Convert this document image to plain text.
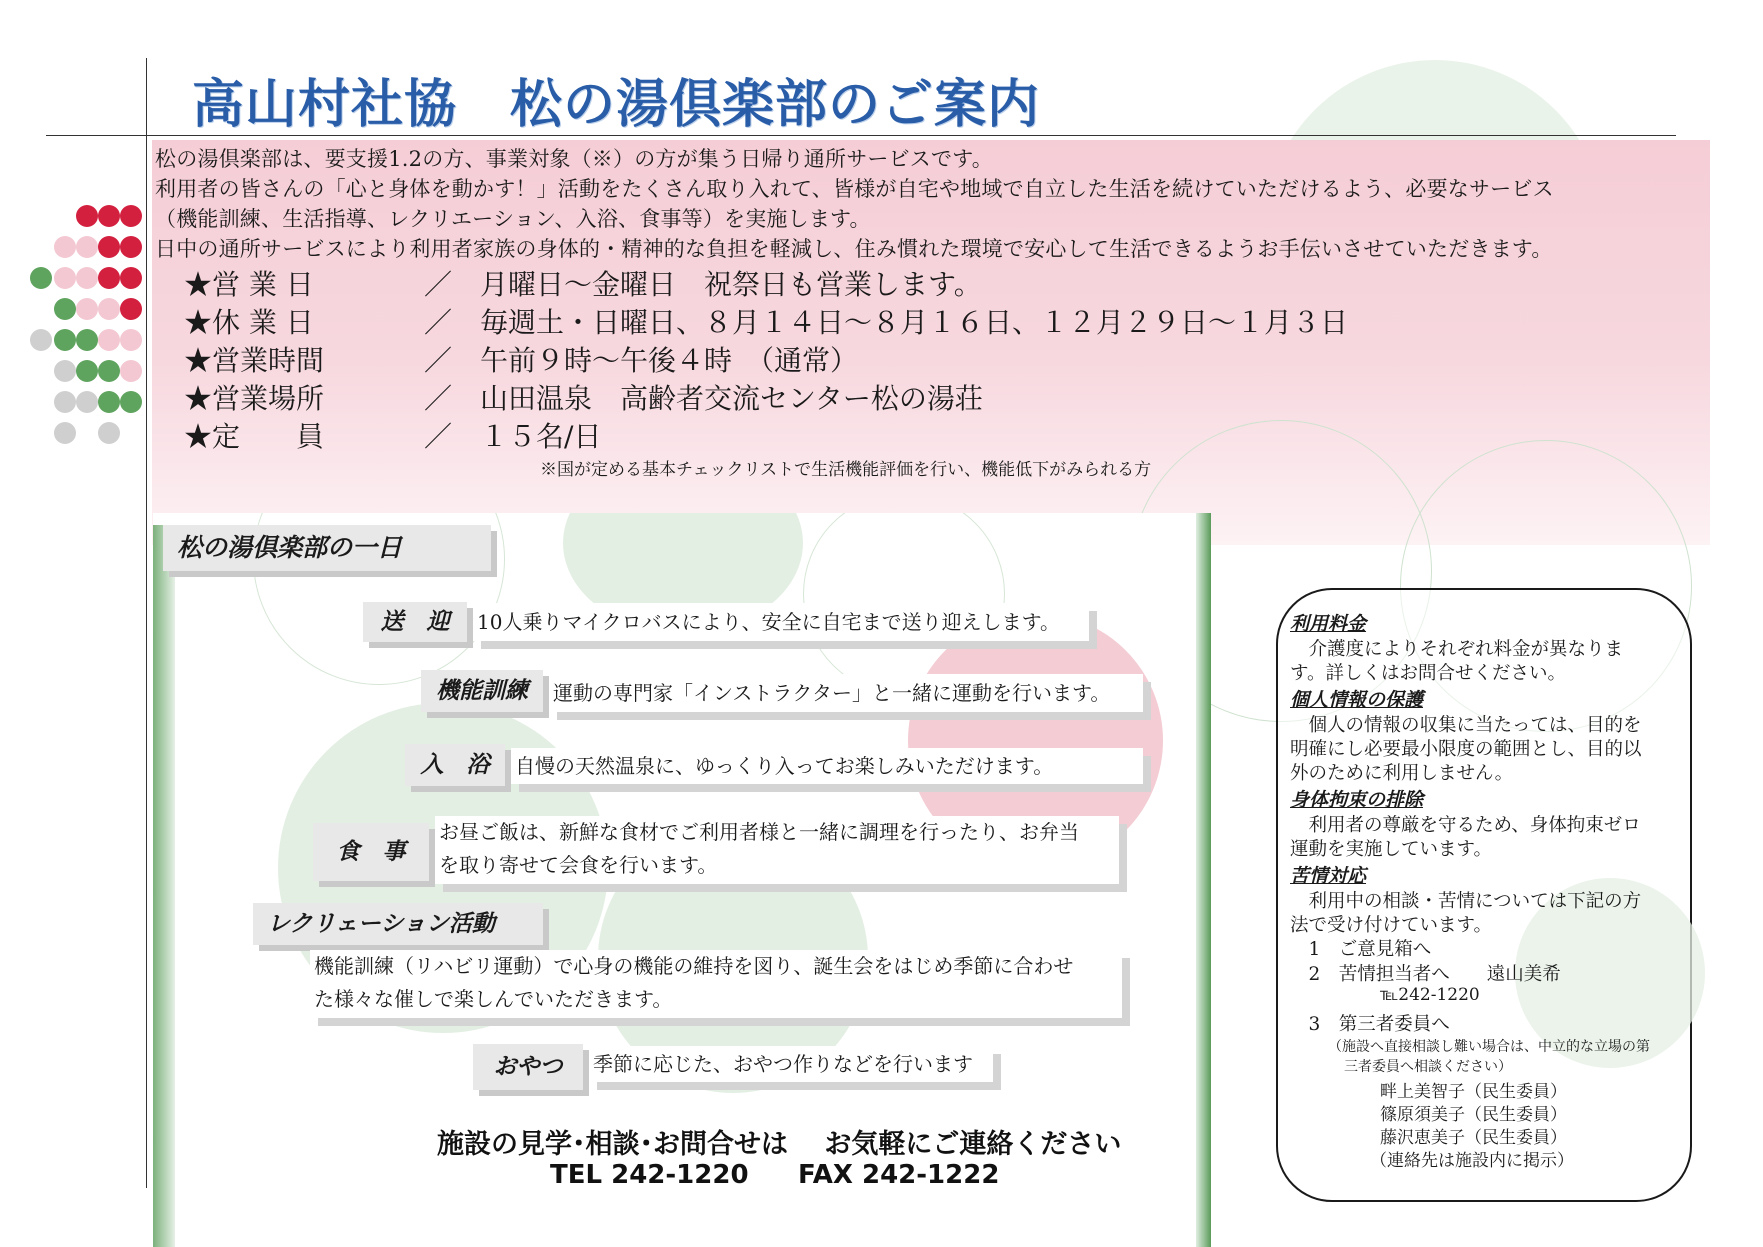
高山村社協　松の湯倶楽部のご案内
松の湯倶楽部は、要支援1.2の方、事業対象（※）の方が集う日帰り通所サービスです。
利用者の皆さんの「心と身体を動かす！」活動をたくさん取り入れて、皆様が自宅や地域で自立した生活を続けていただけるよう、必要なサービス
（機能訓練、生活指導、レクリエーション、入浴、食事等）を実施します。
日中の通所サービスにより利用者家族の身体的・精神的な負担を軽減し、住み慣れた環境で安心して生活できるようお手伝いさせていただきます。
★営 業 日	／　 月曜日～金曜日　祝祭日も営業します。
★休 業 日	／　 毎週土・日曜日、８月１４日～８月１６日、１２月２９日～１月３日
★営業時間	／　 午前９時～午後４時　（通常）
★営業場所	／　 山田温泉　高齢者交流センター松の湯荘
★定　　員	／　 １５名/日
※国が定める基本チェックリストで生活機能評価を行い、機能低下がみられる方
松の湯倶楽部の一日
送　迎	10人乗りマイクロバスにより、安全に自宅まで送り迎えします。
機能訓練	運動の専門家「インストラクター」と一緒に運動を行います。
入　浴	自慢の天然温泉に、ゆっくり入ってお楽しみいただけます。
食　事
お昼ご飯は、新鮮な食材でご利用者様と一緒に調理を行ったり、お弁当
を取り寄せて会食を行います。
レクリェーション活動
機能訓練（リハビリ運動）で心身の機能の維持を図り、誕生会をはじめ季節に合わせ
た様々な催しで楽しんでいただきます。
おやつ	季節に応じた、おやつ作りなどを行います
施設の見学･相談･お問合せは　 お気軽にご連絡ください
TEL 242-1220 FAX 242-1222
利用料金
　介護度によりそれぞれ料金が異なりま
す。詳しくはお問合せください。
個人情報の保護
　個人の情報の収集に当たっては、目的を
明確にし必要最小限度の範囲とし、目的以
外のために利用しません。
身体拘束の排除
　利用者の尊厳を守るため、身体拘束ゼロ
運動を実施しています。
苦情対応
　利用中の相談・苦情については下記の方
法で受け付けています。
　1　ご意見箱へ
　2　苦情担当者へ　　遠山美希
℡242-1220
　3　第三者委員へ
（施設へ直接相談し難い場合は、中立的な立場の第
三者委員へ相談ください）
畔上美智子（民生委員）
篠原須美子（民生委員）
藤沢恵美子（民生委員）
（連絡先は施設内に掲示）
